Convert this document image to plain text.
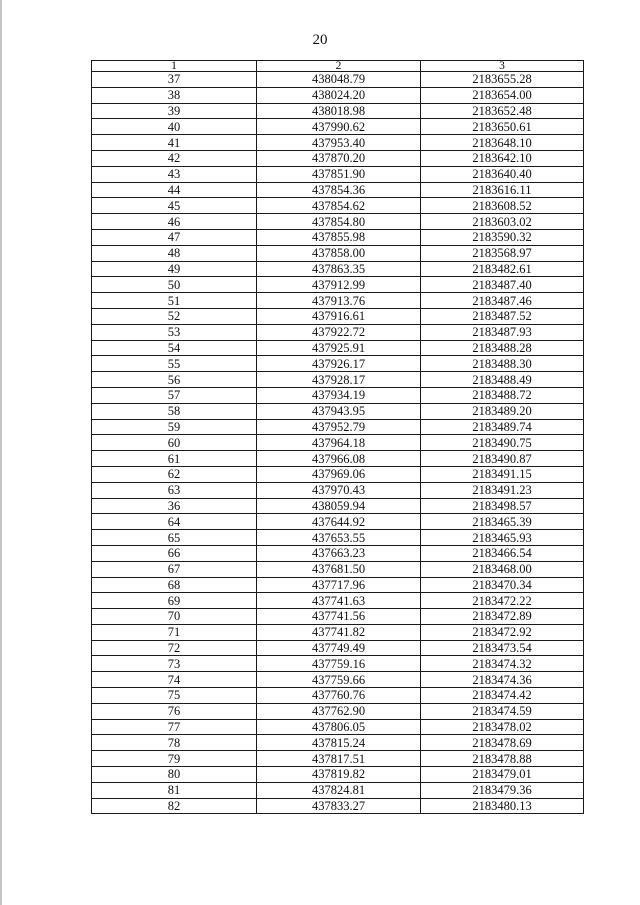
20
1	2	3
37	438048.79	2183655.28
38	438024.20	2183654.00
39	438018.98	2183652.48
40	437990.62	2183650.61
41	437953.40	2183648.10
42	437870.20	2183642.10
43	437851.90	2183640.40
44	437854.36	2183616.11
45	437854.62	2183608.52
46	437854.80	2183603.02
47	437855.98	2183590.32
48	437858.00	2183568.97
49	437863.35	2183482.61
50	437912.99	2183487.40
51	437913.76	2183487.46
52	437916.61	2183487.52
53	437922.72	2183487.93
54	437925.91	2183488.28
55	437926.17	2183488.30
56	437928.17	2183488.49
57	437934.19	2183488.72
58	437943.95	2183489.20
59	437952.79	2183489.74
60	437964.18	2183490.75
61	437966.08	2183490.87
62	437969.06	2183491.15
63	437970.43	2183491.23
36	438059.94	2183498.57
64	437644.92	2183465.39
65	437653.55	2183465.93
66	437663.23	2183466.54
67	437681.50	2183468.00
68	437717.96	2183470.34
69	437741.63	2183472.22
70	437741.56	2183472.89
71	437741.82	2183472.92
72	437749.49	2183473.54
73	437759.16	2183474.32
74	437759.66	2183474.36
75	437760.76	2183474.42
76	437762.90	2183474.59
77	437806.05	2183478.02
78	437815.24	2183478.69
79	437817.51	2183478.88
80	437819.82	2183479.01
81	437824.81	2183479.36
82	437833.27	2183480.13
